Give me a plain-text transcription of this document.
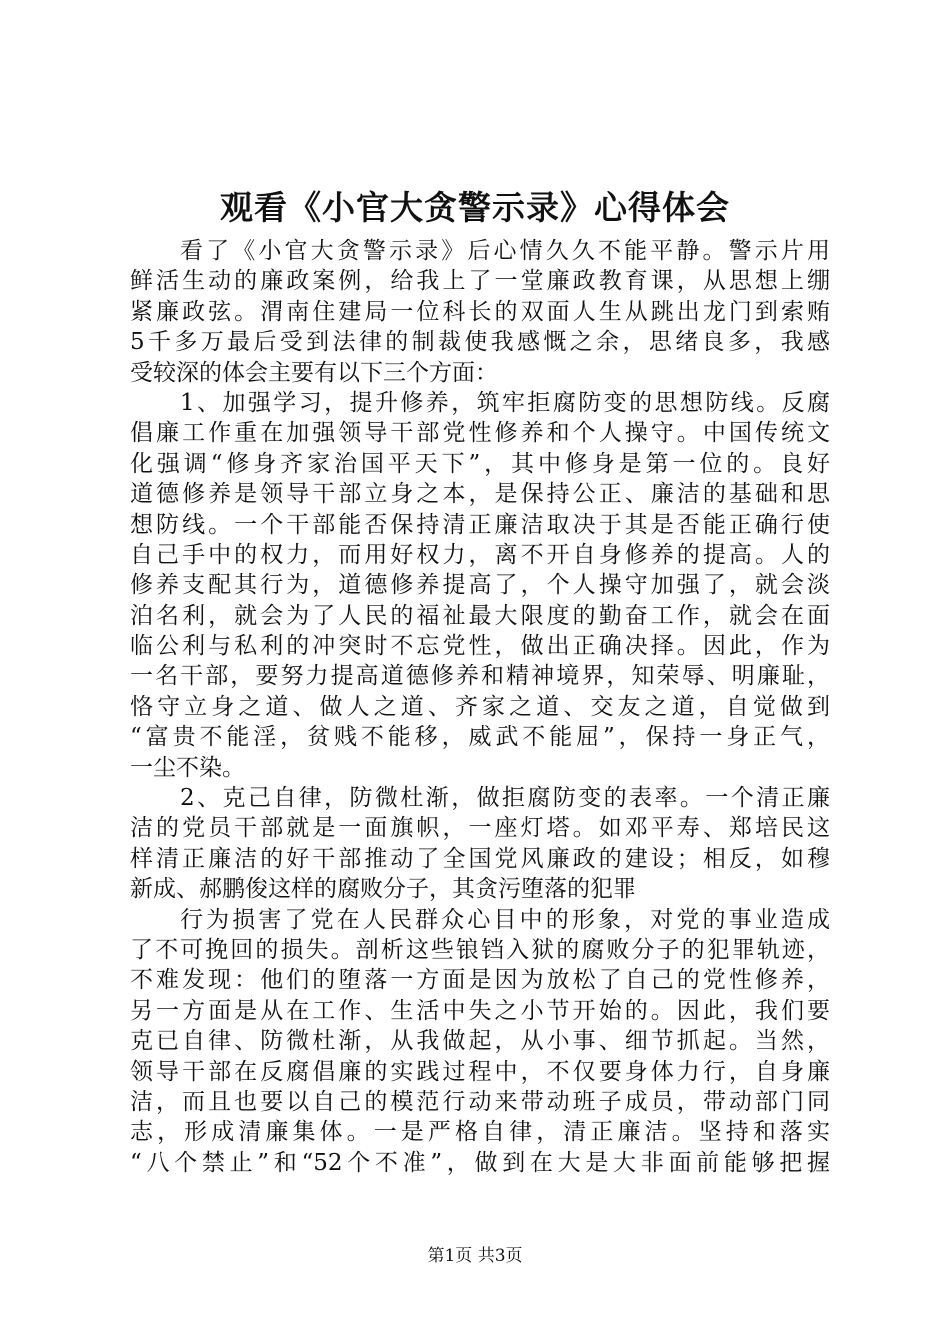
观看《小官大贪警示录》心得体会
看了《小官大贪警示录》后心情久久不能平静。警示片用
鲜活生动的廉政案例，给我上了一堂廉政教育课，从思想上绷
紧廉政弦。渭南住建局一位科长的双面人生从跳出龙门到索贿
5千多万最后受到法律的制裁使我感慨之余，思绪良多，我感
受较深的体会主要有以下三个方面：
1、加强学习，提升修养，筑牢拒腐防变的思想防线。反腐
倡廉工作重在加强领导干部党性修养和个人操守。中国传统文
化强调“修身齐家治国平天下”，其中修身是第一位的。良好
道德修养是领导干部立身之本，是保持公正、廉洁的基础和思
想防线。一个干部能否保持清正廉洁取决于其是否能正确行使
自己手中的权力，而用好权力，离不开自身修养的提高。人的
修养支配其行为，道德修养提高了，个人操守加强了，就会淡
泊名利，就会为了人民的福祉最大限度的勤奋工作，就会在面
临公利与私利的冲突时不忘党性，做出正确决择。因此，作为
一名干部，要努力提高道德修养和精神境界，知荣辱、明廉耻，
恪守立身之道、做人之道、齐家之道、交友之道，自觉做到
“富贵不能淫，贫贱不能移，威武不能屈”，保持一身正气，
一尘不染。
2、克己自律，防微杜渐，做拒腐防变的表率。一个清正廉
洁的党员干部就是一面旗帜，一座灯塔。如邓平寿、郑培民这
样清正廉洁的好干部推动了全国党风廉政的建设；相反，如穆
新成、郝鹏俊这样的腐败分子，其贪污堕落的犯罪
行为损害了党在人民群众心目中的形象，对党的事业造成
了不可挽回的损失。剖析这些锒铛入狱的腐败分子的犯罪轨迹，
不难发现：他们的堕落一方面是因为放松了自己的党性修养，
另一方面是从在工作、生活中失之小节开始的。因此，我们要
克已自律、防微杜渐，从我做起，从小事、细节抓起。当然，
领导干部在反腐倡廉的实践过程中，不仅要身体力行，自身廉
洁，而且也要以自己的模范行动来带动班子成员，带动部门同
志，形成清廉集体。一是严格自律，清正廉洁。坚持和落实
“八个禁止”和“52个不准”，做到在大是大非面前能够把握
第1页 共3页
